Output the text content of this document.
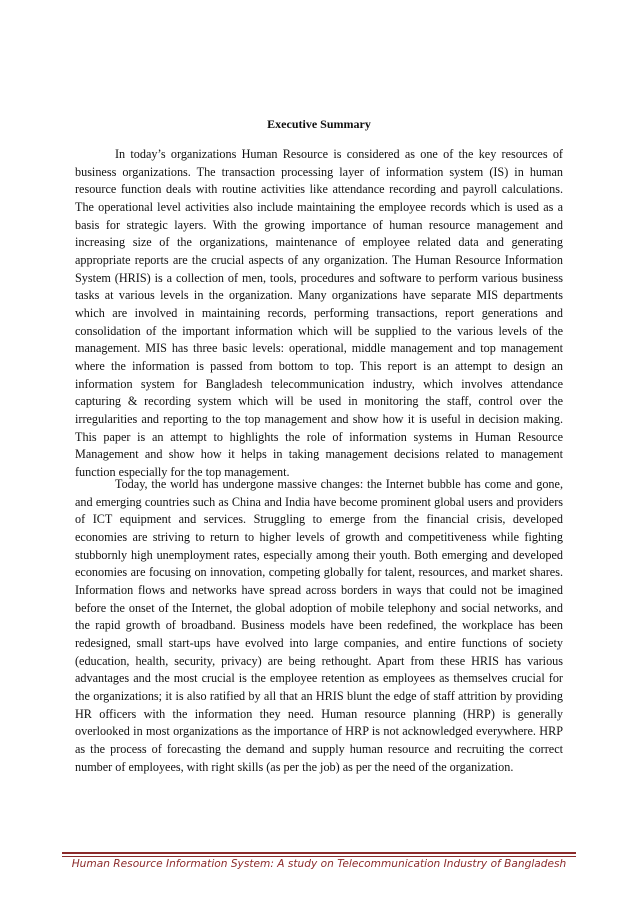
Executive Summary

In today’s organizations Human Resource is considered as one of the key resources of business organizations. The transaction processing layer of information system (IS) in human resource function deals with routine activities like attendance recording and payroll calculations. The operational level activities also include maintaining the employee records which is used as a basis for strategic layers. With the growing importance of human resource management and increasing size of the organizations, maintenance of employee related data and generating appropriate reports are the crucial aspects of any organization. The Human Resource Information System (HRIS) is a collection of men, tools, procedures and software to perform various business tasks at various levels in the organization. Many organizations have separate MIS departments which are involved in maintaining records, performing transactions, report generations and consolidation of the important information which will be supplied to the various levels of the management. MIS has three basic levels: operational, middle management and top management where the information is passed from bottom to top. This report is an attempt to design an information system for Bangladesh telecommunication industry, which involves attendance capturing & recording system which will be used in monitoring the staff, control over the irregularities and reporting to the top management and show how it is useful in decision making. This paper is an attempt to highlights the role of information systems in Human Resource Management and show how it helps in taking management decisions related to management function especially for the top management.

Today, the world has undergone massive changes: the Internet bubble has come and gone, and emerging countries such as China and India have become prominent global users and providers of ICT equipment and services. Struggling to emerge from the financial crisis, developed economies are striving to return to higher levels of growth and competitiveness while fighting stubbornly high unemployment rates, especially among their youth. Both emerging and developed economies are focusing on innovation, competing globally for talent, resources, and market shares. Information flows and networks have spread across borders in ways that could not be imagined before the onset of the Internet, the global adoption of mobile telephony and social networks, and the rapid growth of broadband. Business models have been redefined, the workplace has been redesigned, small start-ups have evolved into large companies, and entire functions of society (education, health, security, privacy) are being rethought. Apart from these HRIS has various advantages and the most crucial is the employee retention as employees as themselves crucial for the organizations; it is also ratified by all that an HRIS blunt the edge of staff attrition by providing HR officers with the information they need. Human resource planning (HRP) is generally overlooked in most organizations as the importance of HRP is not acknowledged everywhere. HRP as the process of forecasting the demand and supply human resource and recruiting the correct number of employees, with right skills (as per the job) as per the need of the organization.

Human Resource Information System: A study on Telecommunication Industry of Bangladesh
